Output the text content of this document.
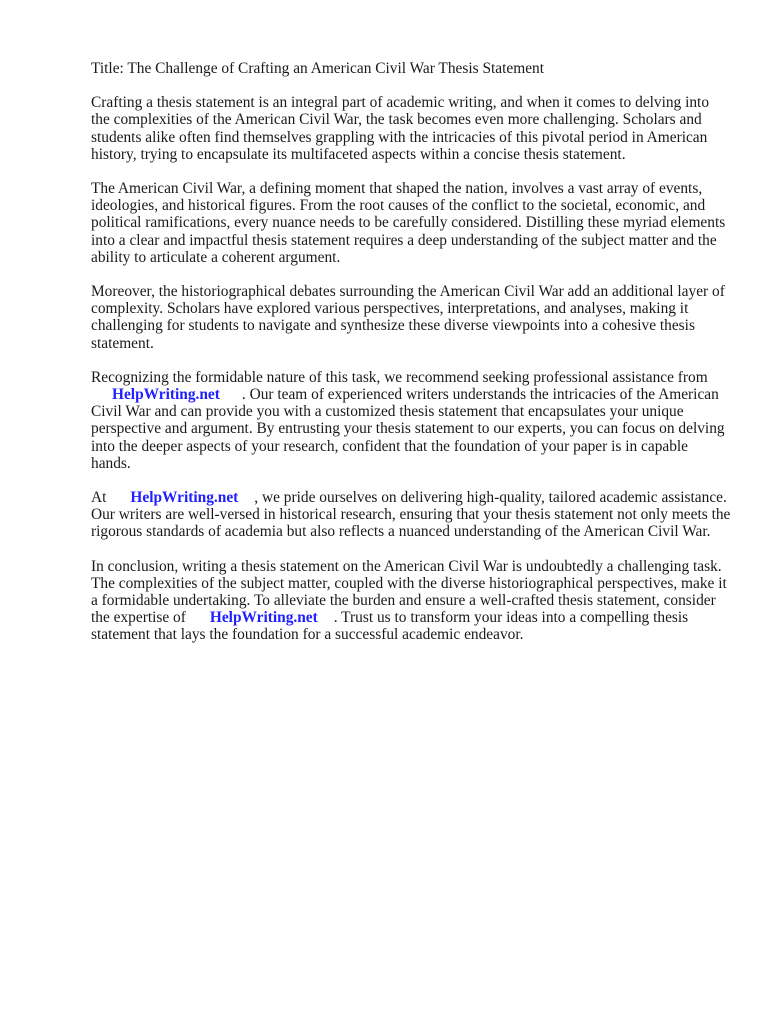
Title: The Challenge of Crafting an American Civil War Thesis Statement

Crafting a thesis statement is an integral part of academic writing, and when it comes to delving into the complexities of the American Civil War, the task becomes even more challenging. Scholars and students alike often find themselves grappling with the intricacies of this pivotal period in American history, trying to encapsulate its multifaceted aspects within a concise thesis statement.

The American Civil War, a defining moment that shaped the nation, involves a vast array of events, ideologies, and historical figures. From the root causes of the conflict to the societal, economic, and political ramifications, every nuance needs to be carefully considered. Distilling these myriad elements into a clear and impactful thesis statement requires a deep understanding of the subject matter and the ability to articulate a coherent argument.

Moreover, the historiographical debates surrounding the American Civil War add an additional layer of complexity. Scholars have explored various perspectives, interpretations, and analyses, making it challenging for students to navigate and synthesize these diverse viewpoints into a cohesive thesis statement.

Recognizing the formidable nature of this task, we recommend seeking professional assistance from
HelpWriting.net . Our team of experienced writers understands the intricacies of the American Civil War and can provide you with a customized thesis statement that encapsulates your unique perspective and argument. By entrusting your thesis statement to our experts, you can focus on delving into the deeper aspects of your research, confident that the foundation of your paper is in capable hands.

At HelpWriting.net , we pride ourselves on delivering high-quality, tailored academic assistance. Our writers are well-versed in historical research, ensuring that your thesis statement not only meets the rigorous standards of academia but also reflects a nuanced understanding of the American Civil War.

In conclusion, writing a thesis statement on the American Civil War is undoubtedly a challenging task. The complexities of the subject matter, coupled with the diverse historiographical perspectives, make it a formidable undertaking. To alleviate the burden and ensure a well-crafted thesis statement, consider the expertise of HelpWriting.net . Trust us to transform your ideas into a compelling thesis statement that lays the foundation for a successful academic endeavor.
